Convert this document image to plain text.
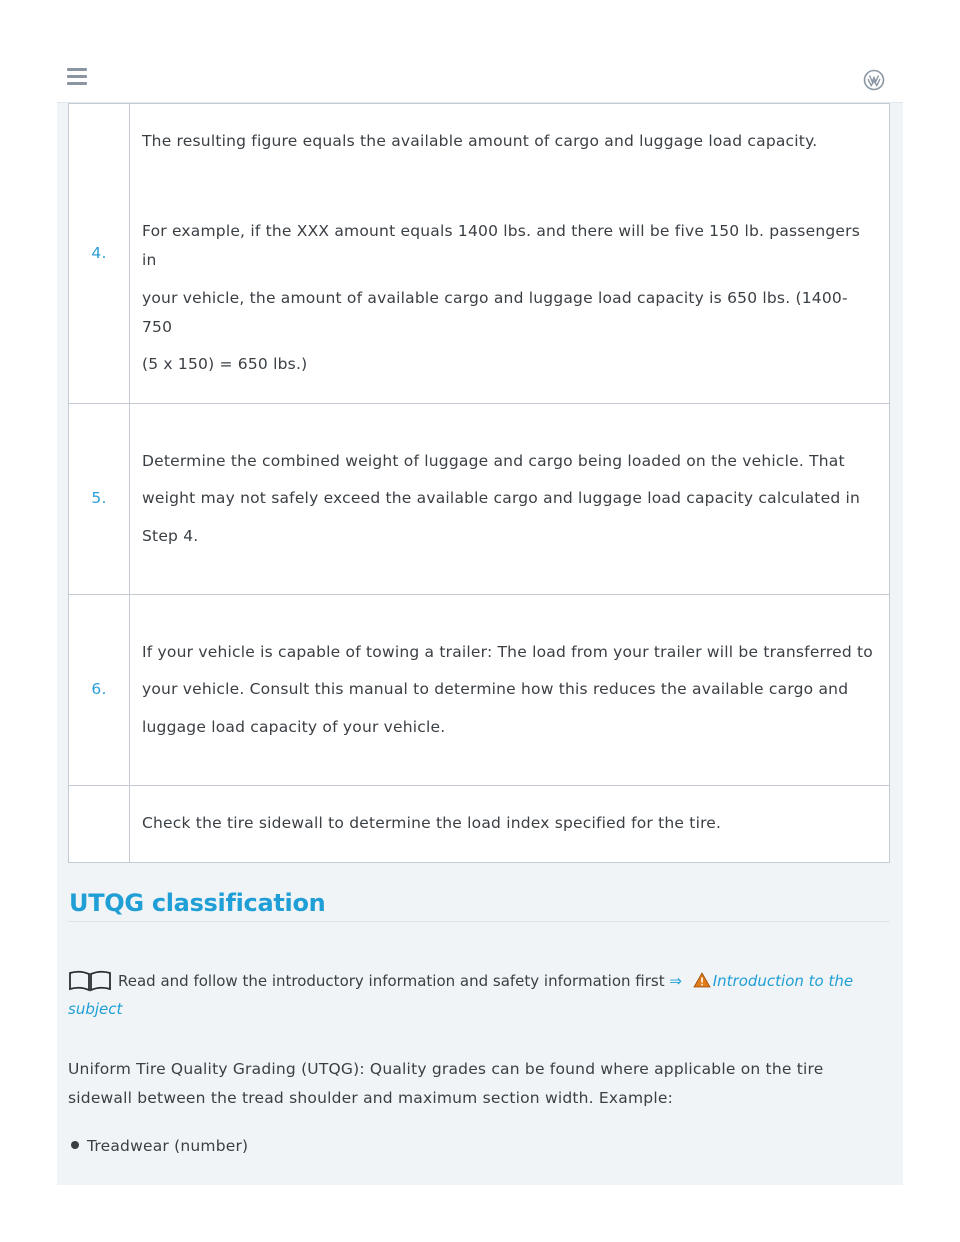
4.	The resulting figure equals the available amount of cargo and luggage load capacity.
For example, if the XXX amount equals 1400 lbs. and there will be five 150 lb. passengers in
your vehicle, the amount of available cargo and luggage load capacity is 650 lbs. (1400-750
(5 x 150) = 650 lbs.)

5.	Determine the combined weight of luggage and cargo being loaded on the vehicle. That
weight may not safely exceed the available cargo and luggage load capacity calculated in
Step 4.

6.	If your vehicle is capable of towing a trailer: The load from your trailer will be transferred to
your vehicle. Consult this manual to determine how this reduces the available cargo and
luggage load capacity of your vehicle.

	Check the tire sidewall to determine the load index specified for the tire.
UTQG classification
Read and follow the introductory information and safety information first ⇒ Introduction to the subject
Uniform Tire Quality Grading (UTQG): Quality grades can be found where applicable on the tire
sidewall between the tread shoulder and maximum section width. Example:
Treadwear (number)
